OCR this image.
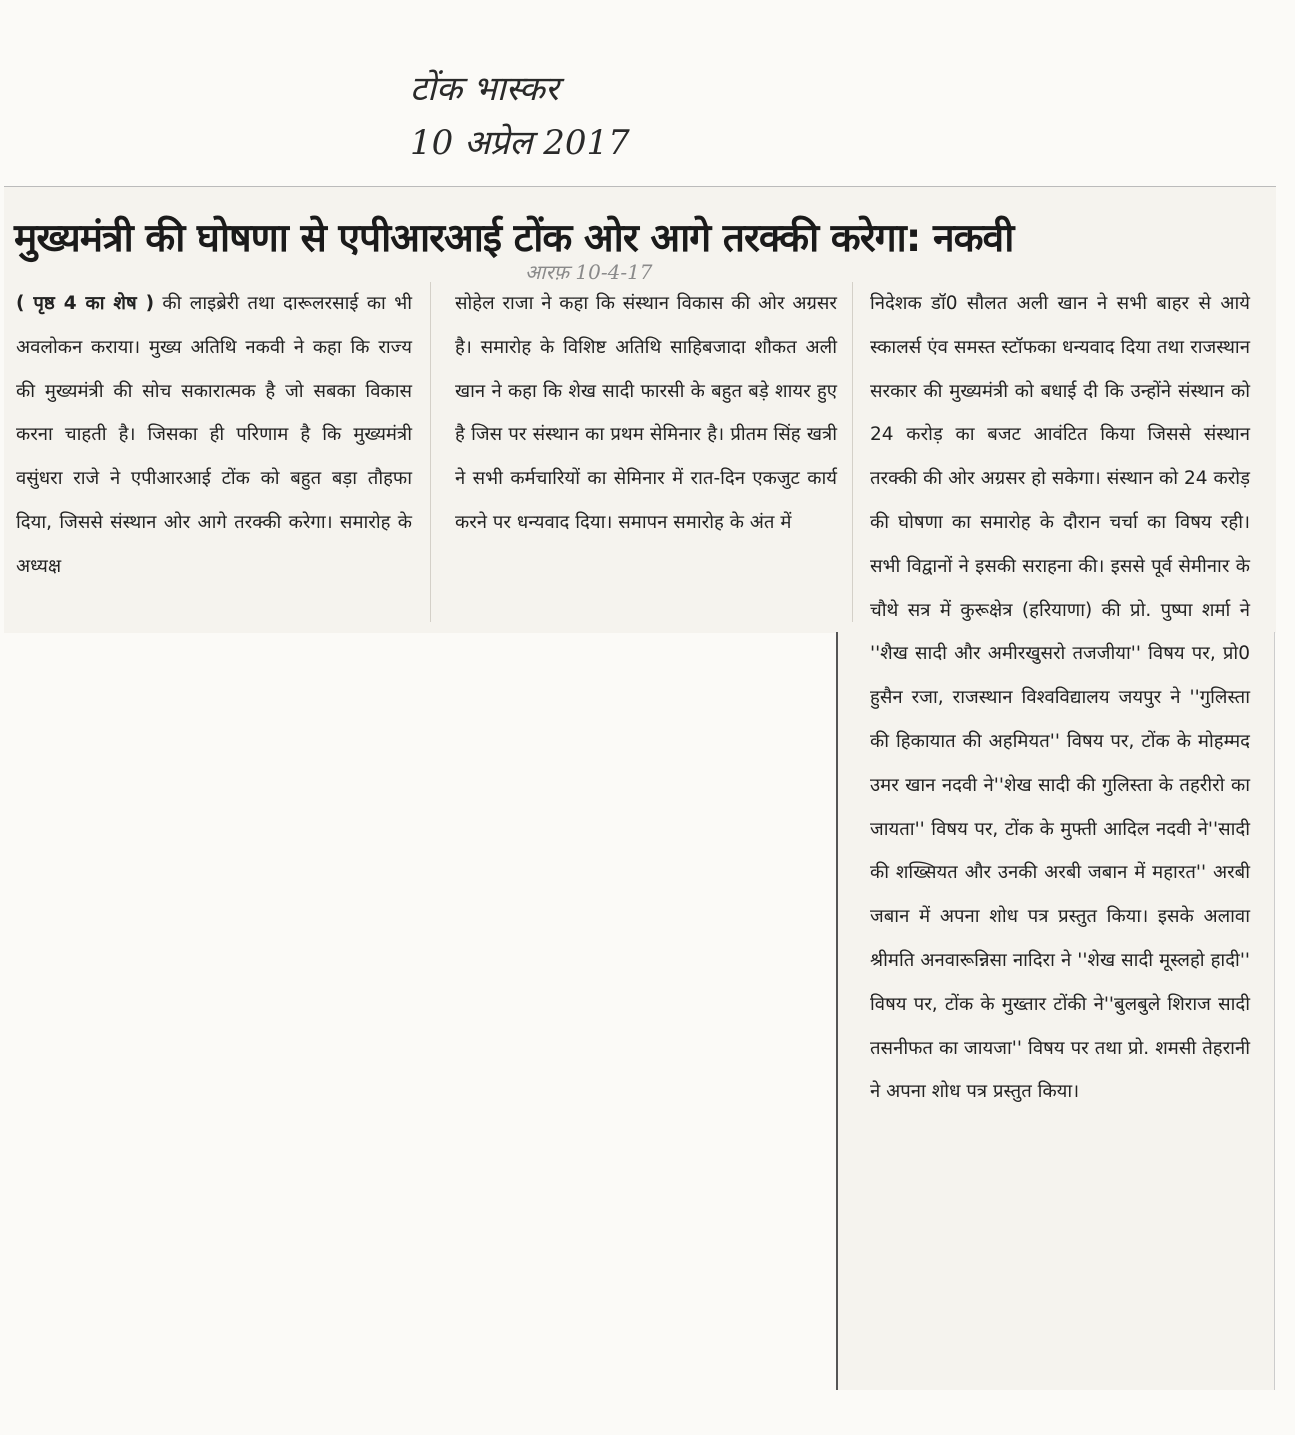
टोंक भास्कर
10 अप्रेल 2017
मुख्यमंत्री की घोषणा से एपीआरआई टोंक ओर आगे तरक्की करेगा: नकवी
आरफ़ 10-4-17

( पृष्ठ 4 का शेष ) की लाइब्रेरी तथा दारूलरसाई का भी अवलोकन कराया। मुख्य अतिथि नकवी ने कहा कि राज्य की मुख्यमंत्री की सोच सकारात्मक है जो सबका विकास करना चाहती है। जिसका ही परिणाम है कि मुख्यमंत्री वसुंधरा राजे ने एपीआरआई टोंक को बहुत बड़ा तौहफा दिया, जिससे संस्थान ओर आगे तरक्की करेगा। समारोह के अध्यक्ष

सोहेल राजा ने कहा कि संस्थान विकास की ओर अग्रसर है। समारोह के विशिष्ट अतिथि साहिबजादा शौकत अली खान ने कहा कि शेख सादी फारसी के बहुत बड़े शायर हुए है जिस पर संस्थान का प्रथम सेमिनार है। प्रीतम सिंह खत्री ने सभी कर्मचारियों का सेमिनार में रात-दिन एकजुट कार्य करने पर धन्यवाद दिया। समापन समारोह के अंत में

निदेशक डॉ0 सौलत अली खान ने सभी बाहर से आये स्कालर्स एंव समस्त स्टॉफका धन्यवाद दिया तथा राजस्थान सरकार की मुख्यमंत्री को बधाई दी कि उन्होंने संस्थान को 24 करोड़ का बजट आवंटित किया जिससे संस्थान तरक्की की ओर अग्रसर हो सकेगा। संस्थान को 24 करोड़ की घोषणा का समारोह के दौरान चर्चा का विषय रही। सभी विद्वानों ने इसकी सराहना की। इससे पूर्व सेमीनार के चौथे सत्र में कुरूक्षेत्र (हरियाणा) की प्रो. पुष्पा शर्मा ने ''शैख सादी और अमीरखुसरो तजजीया'' विषय पर, प्रो0 हुसैन रजा, राजस्थान विश्वविद्यालय जयपुर ने ''गुलिस्ता की हिकायात की अहमियत'' विषय पर, टोंक के मोहम्मद उमर खान नदवी ने''शेख सादी की गुलिस्ता के तहरीरो का जायता'' विषय पर, टोंक के मुफ्ती आदिल नदवी ने''सादी की शख्सियत और उनकी अरबी जबान में महारत'' अरबी जबान में अपना शोध पत्र प्रस्तुत किया। इसके अलावा श्रीमति अनवारून्निसा नादिरा ने ''शेख सादी मूस्लहो हादी'' विषय पर, टोंक के मुख्तार टोंकी ने''बुलबुले शिराज सादी तसनीफत का जायजा'' विषय पर तथा प्रो. शमसी तेहरानी ने अपना शोध पत्र प्रस्तुत किया।
